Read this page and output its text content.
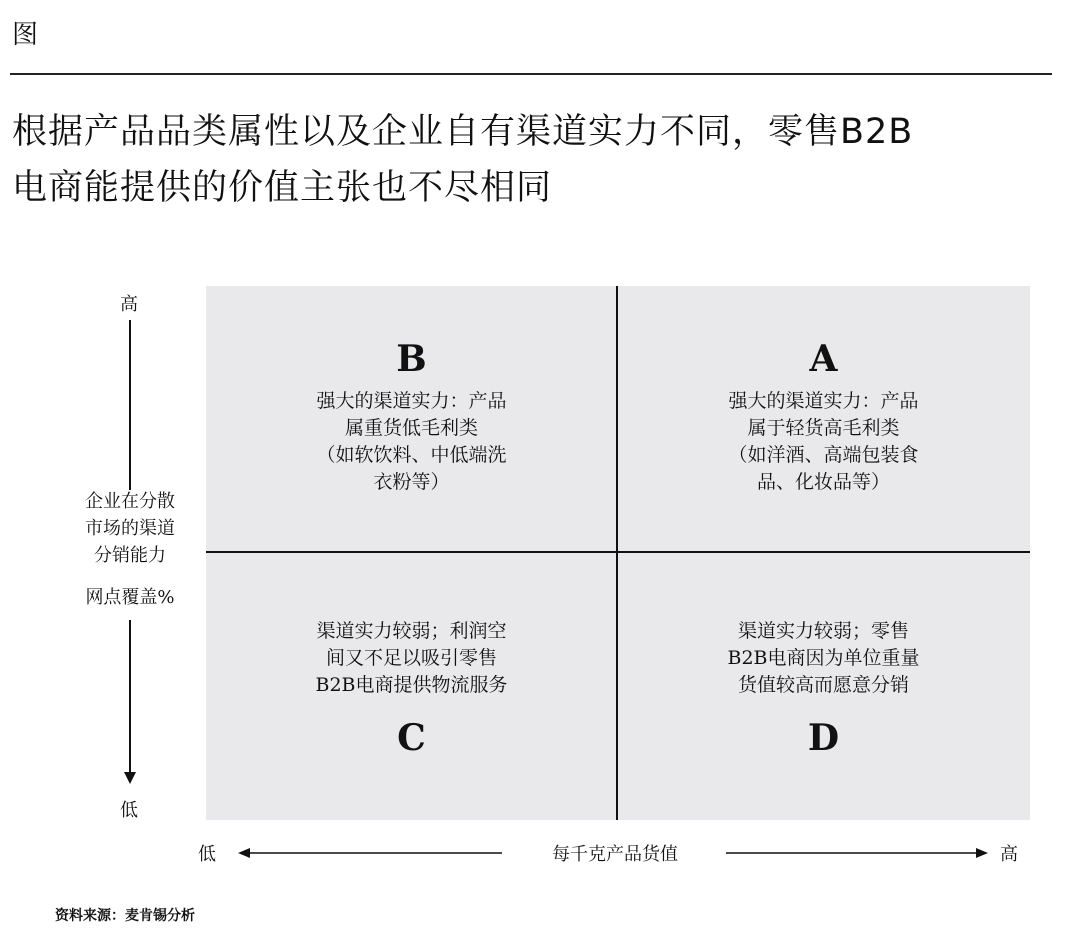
图
根据产品品类属性以及企业自有渠道实力不同，零售B2B
电商能提供的价值主张也不尽相同
B
强大的渠道实力：产品
属重货低毛利类
（如软饮料、中低端洗
衣粉等）
A
强大的渠道实力：产品
属于轻货高毛利类
（如洋酒、高端包装食
品、化妆品等）
渠道实力较弱；利润空
间又不足以吸引零售
B2B电商提供物流服务
C
渠道实力较弱；零售
B2B电商因为单位重量
货值较高而愿意分销
D
高
企业在分散
市场的渠道
分销能力
网点覆盖%
低
低	每千克产品货值	高
资料来源：麦肯锡分析
